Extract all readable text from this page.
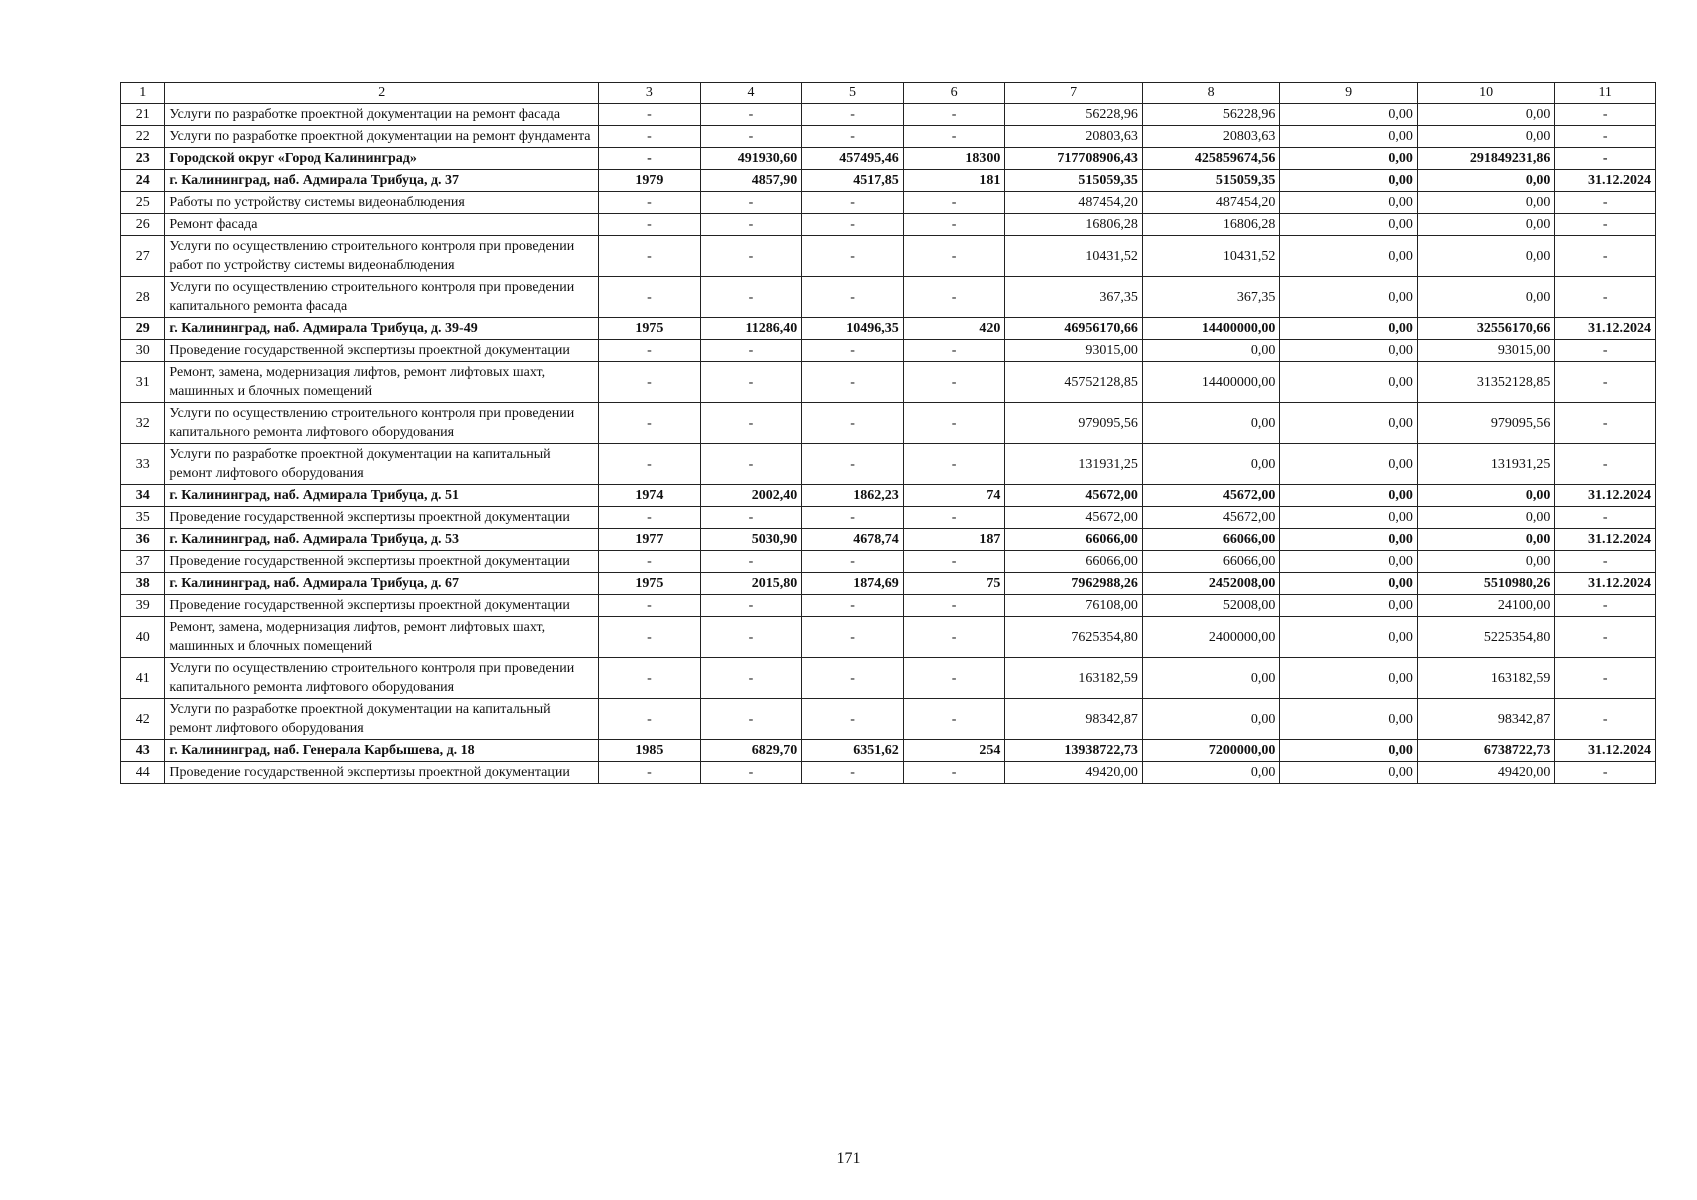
1	2	3	4	5	6	7	8	9	10	11
21	Услуги по разработке проектной документации на ремонт фасада	-	-	-	-	56228,96	56228,96	0,00	0,00	-
22	Услуги по разработке проектной документации на ремонт фундамента	-	-	-	-	20803,63	20803,63	0,00	0,00	-
23	Городской округ «Город Калининград»	-	491930,60	457495,46	18300	717708906,43	425859674,56	0,00	291849231,86	-
24	г. Калининград, наб. Адмирала Трибуца, д. 37	1979	4857,90	4517,85	181	515059,35	515059,35	0,00	0,00	31.12.2024
25	Работы по устройству системы видеонаблюдения	-	-	-	-	487454,20	487454,20	0,00	0,00	-
26	Ремонт фасада	-	-	-	-	16806,28	16806,28	0,00	0,00	-
27	Услуги по осуществлению строительного контроля при проведении работ по устройству системы видеонаблюдения	-	-	-	-	10431,52	10431,52	0,00	0,00	-
28	Услуги по осуществлению строительного контроля при проведении капитального ремонта фасада	-	-	-	-	367,35	367,35	0,00	0,00	-
29	г. Калининград, наб. Адмирала Трибуца, д. 39-49	1975	11286,40	10496,35	420	46956170,66	14400000,00	0,00	32556170,66	31.12.2024
30	Проведение государственной экспертизы проектной документации	-	-	-	-	93015,00	0,00	0,00	93015,00	-
31	Ремонт, замена, модернизация лифтов, ремонт лифтовых шахт, машинных и блочных помещений	-	-	-	-	45752128,85	14400000,00	0,00	31352128,85	-
32	Услуги по осуществлению строительного контроля при проведении капитального ремонта лифтового оборудования	-	-	-	-	979095,56	0,00	0,00	979095,56	-
33	Услуги по разработке проектной документации на капитальный ремонт лифтового оборудования	-	-	-	-	131931,25	0,00	0,00	131931,25	-
34	г. Калининград, наб. Адмирала Трибуца, д. 51	1974	2002,40	1862,23	74	45672,00	45672,00	0,00	0,00	31.12.2024
35	Проведение государственной экспертизы проектной документации	-	-	-	-	45672,00	45672,00	0,00	0,00	-
36	г. Калининград, наб. Адмирала Трибуца, д. 53	1977	5030,90	4678,74	187	66066,00	66066,00	0,00	0,00	31.12.2024
37	Проведение государственной экспертизы проектной документации	-	-	-	-	66066,00	66066,00	0,00	0,00	-
38	г. Калининград, наб. Адмирала Трибуца, д. 67	1975	2015,80	1874,69	75	7962988,26	2452008,00	0,00	5510980,26	31.12.2024
39	Проведение государственной экспертизы проектной документации	-	-	-	-	76108,00	52008,00	0,00	24100,00	-
40	Ремонт, замена, модернизация лифтов, ремонт лифтовых шахт, машинных и блочных помещений	-	-	-	-	7625354,80	2400000,00	0,00	5225354,80	-
41	Услуги по осуществлению строительного контроля при проведении капитального ремонта лифтового оборудования	-	-	-	-	163182,59	0,00	0,00	163182,59	-
42	Услуги по разработке проектной документации на капитальный ремонт лифтового оборудования	-	-	-	-	98342,87	0,00	0,00	98342,87	-
43	г. Калининград, наб. Генерала Карбышева, д. 18	1985	6829,70	6351,62	254	13938722,73	7200000,00	0,00	6738722,73	31.12.2024
44	Проведение государственной экспертизы проектной документации	-	-	-	-	49420,00	0,00	0,00	49420,00	-
171
